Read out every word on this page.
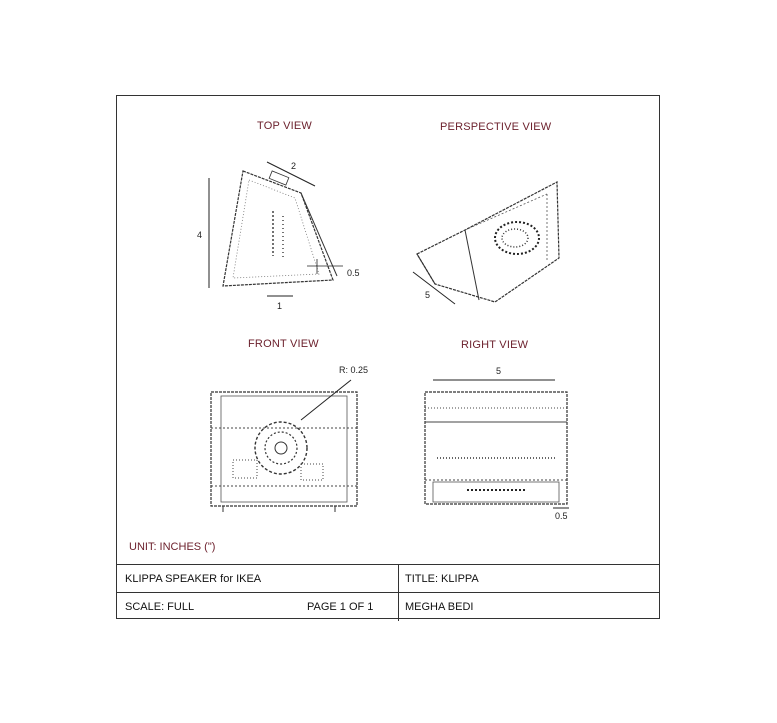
TOP VIEW
2
4
1
0.5
PERSPECTIVE VIEW
5
FRONT VIEW
R: 0.25
RIGHT VIEW
5
0.5
UNIT: INCHES (")
KLIPPA SPEAKER for IKEA	TITLE: KLIPPA
SCALE: FULL	PAGE 1 OF 1	MEGHA BEDI
